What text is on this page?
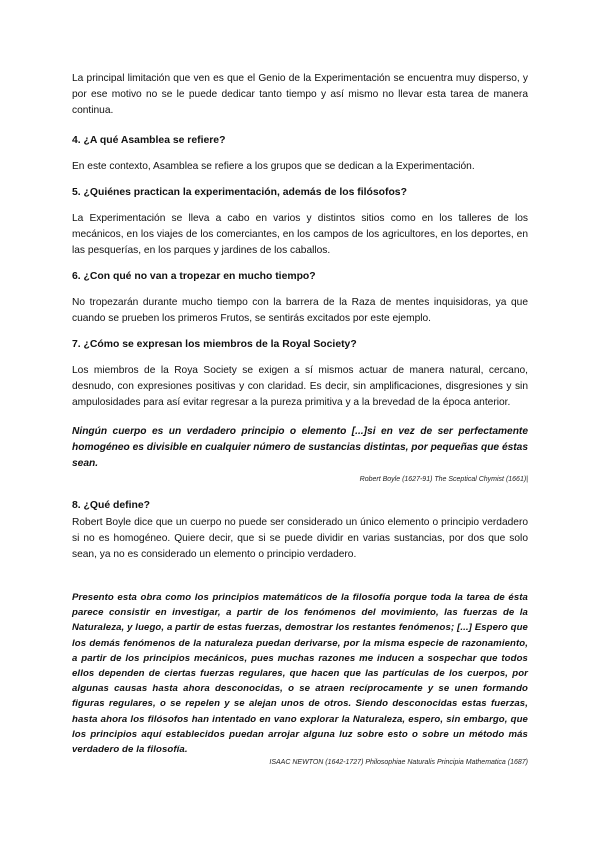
La principal limitación que ven es que el Genio de la Experimentación se encuentra muy disperso, y por ese motivo no se le puede dedicar tanto tiempo y así mismo no llevar esta tarea de manera continua.

4. ¿A qué Asamblea se refiere?

En este contexto, Asamblea se refiere a los grupos que se dedican a la Experimentación.

5. ¿Quiénes practican la experimentación, además de los filósofos?

La Experimentación se lleva a cabo en varios y distintos sitios como en los talleres de los mecánicos, en los viajes de los comerciantes, en los campos de los agricultores, en los deportes, en las pesquerías, en los parques y jardines de los caballos.

6. ¿Con qué no van a tropezar en mucho tiempo?

No tropezarán durante mucho tiempo con la barrera de la Raza de mentes inquisidoras, ya que cuando se prueben los primeros Frutos, se sentirás excitados por este ejemplo.

7. ¿Cómo se expresan los miembros de la Royal Society?

Los miembros de la Roya Society se exigen a sí mismos actuar de manera natural, cercano, desnudo, con expresiones positivas y con claridad. Es decir, sin amplificaciones, disgresiones y sin ampulosidades para así evitar regresar a la pureza primitiva y a la brevedad de la época anterior.

Ningún cuerpo es un verdadero principio o elemento [...]si en vez de ser perfectamente homogéneo es divisible en cualquier número de sustancias distintas, por pequeñas que éstas sean.

Robert Boyle (1627-91) The Sceptical Chymist (1661)|

8. ¿Qué define?

Robert Boyle dice que un cuerpo no puede ser considerado un único elemento o principio verdadero si no es homogéneo. Quiere decir, que si se puede dividir en varias sustancias, por dos que solo sean, ya no es considerado un elemento o principio verdadero.

Presento esta obra como los principios matemáticos de la filosofía porque toda la tarea de ésta parece consistir en investigar, a partir de los fenómenos del movimiento, las fuerzas de la Naturaleza, y luego, a partir de estas fuerzas, demostrar los restantes fenómenos; [...] Espero que los demás fenómenos de la naturaleza puedan derivarse, por la misma especie de razonamiento, a partir de los principios mecánicos, pues muchas razones me inducen a sospechar que todos ellos dependen de ciertas fuerzas regulares, que hacen que las partículas de los cuerpos, por algunas causas hasta ahora desconocidas, o se atraen recíprocamente y se unen formando figuras regulares, o se repelen y se alejan unos de otros. Siendo desconocidas estas fuerzas, hasta ahora los filósofos han intentado en vano explorar la Naturaleza, espero, sin embargo, que los principios aquí establecidos puedan arrojar alguna luz sobre esto o sobre un método más verdadero de la filosofía.

ISAAC NEWTON (1642-1727) Philosophiae Naturalis Principia Mathematica (1687)
